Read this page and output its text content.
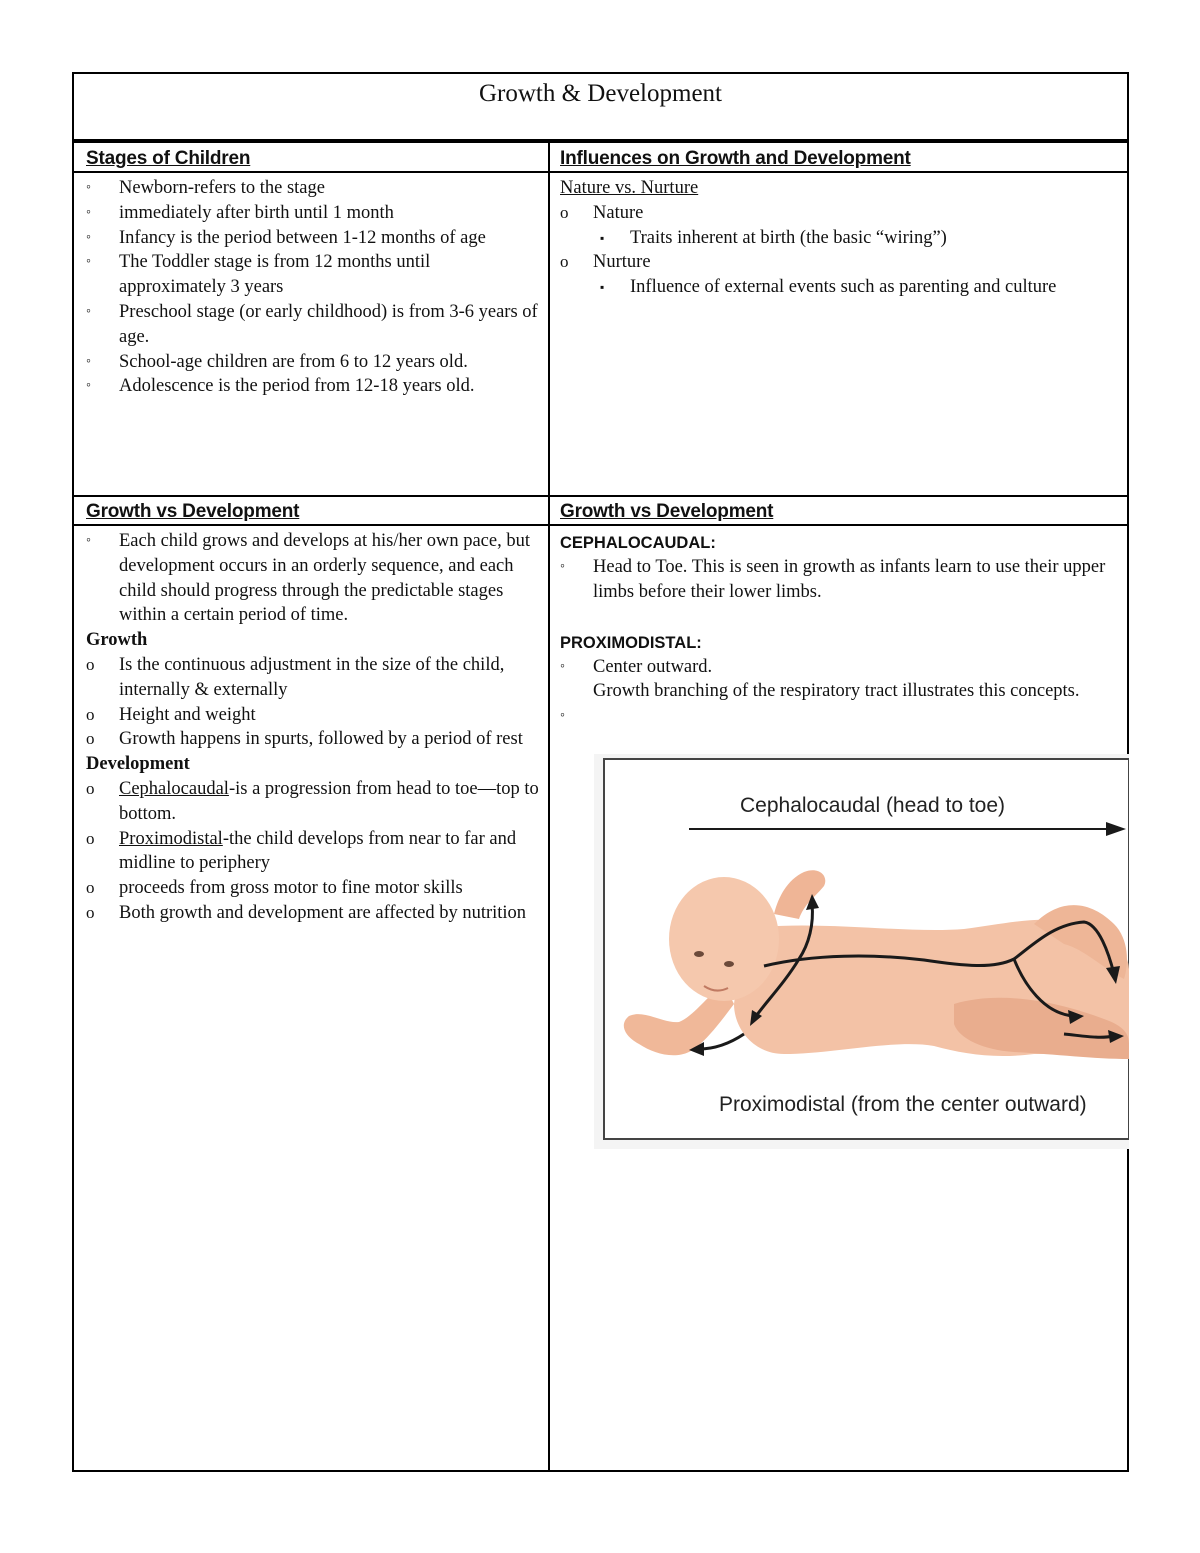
Growth & Development
Stages of Children	Influences on Growth and Development
◦	Newborn-refers to the stage
◦	immediately after birth until 1 month
◦	Infancy is the period between 1-12 months of age
◦	The Toddler stage is from 12 months until approximately 3 years
◦	Preschool stage (or early childhood) is from 3-6 years of age.
◦	School-age children are from 6 to 12 years old.
◦	Adolescence is the period from 12-18 years old.
Nature vs. Nurture
o	Nature
▪ Traits inherent at birth (the basic “wiring”)
o	Nurture
▪ Influence of external events such as parenting and culture
Growth vs Development	Growth vs Development
◦	Each child grows and develops at his/her own pace, but development occurs in an orderly sequence, and each child should progress through the predictable stages within a certain period of time.
Growth
o	Is the continuous adjustment in the size of the child, internally & externally
o	Height and weight
o	Growth happens in spurts, followed by a period of rest
Development
o	Cephalocaudal-is a progression from head to toe—top to bottom.
o	Proximodistal-the child develops from near to far and midline to periphery
o	proceeds from gross motor to fine motor skills
o	Both growth and development are affected by nutrition
CEPHALOCAUDAL:
◦	Head to Toe. This is seen in growth as infants learn to use their upper limbs before their lower limbs.
PROXIMODISTAL:
◦	Center outward.
Growth branching of the respiratory tract illustrates this concepts.
◦

Cephalocaudal (head to toe)
Proximodistal (from the center outward)
